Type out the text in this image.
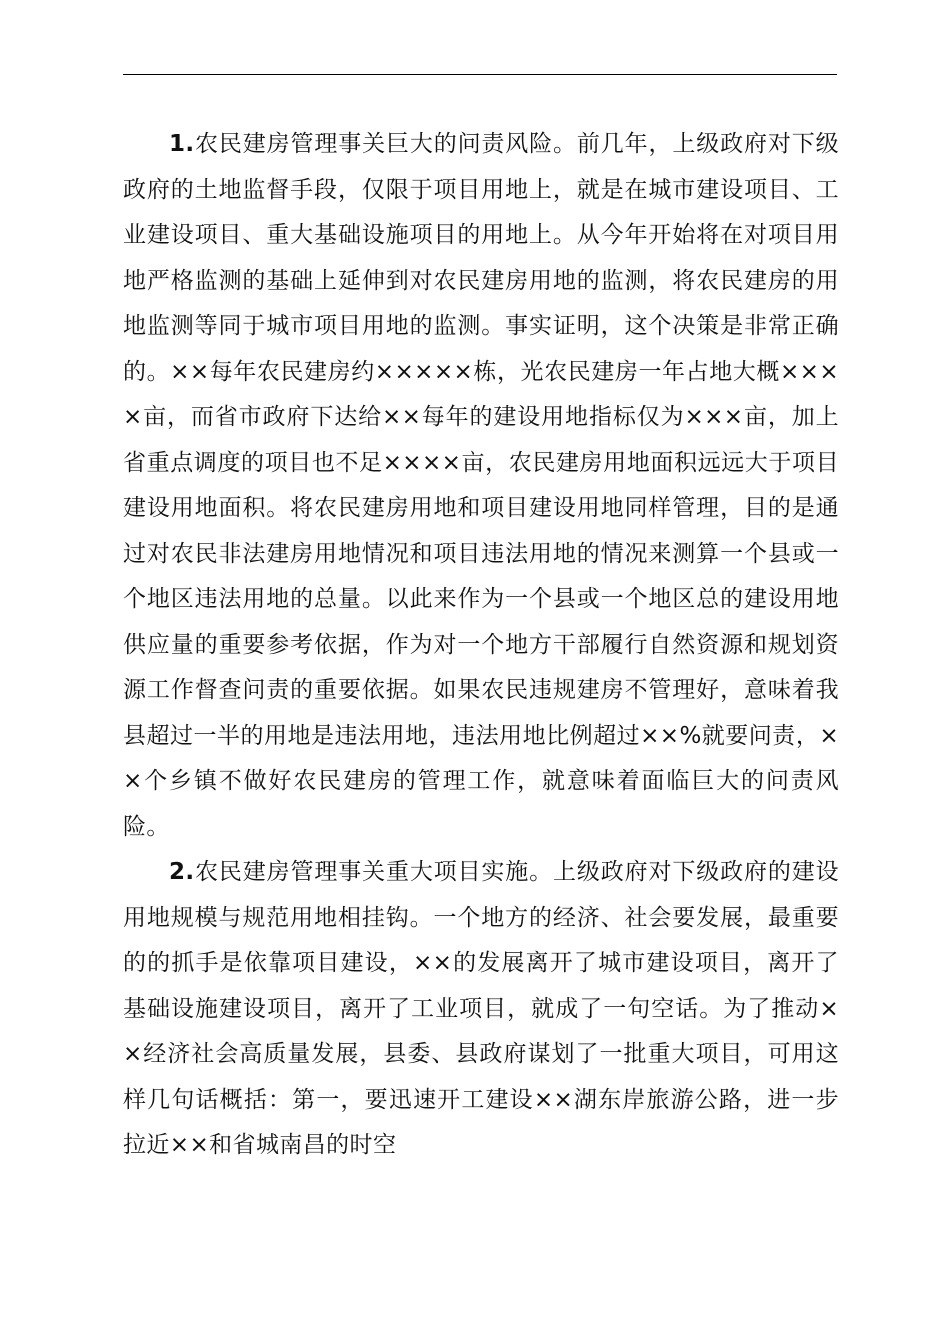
1.农民建房管理事关巨大的问责风险。前几年，上级政府对下级政府的土地监督手段，仅限于项目用地上，就是在城市建设项目、工业建设项目、重大基础设施项目的用地上。从今年开始将在对项目用地严格监测的基础上延伸到对农民建房用地的监测，将农民建房的用地监测等同于城市项目用地的监测。事实证明，这个决策是非常正确的。××每年农民建房约×××××栋，光农民建房一年占地大概××××亩，而省市政府下达给××每年的建设用地指标仅为×××亩，加上省重点调度的项目也不足××××亩，农民建房用地面积远远大于项目建设用地面积。将农民建房用地和项目建设用地同样管理，目的是通过对农民非法建房用地情况和项目违法用地的情况来测算一个县或一个地区违法用地的总量。以此来作为一个县或一个地区总的建设用地供应量的重要参考依据，作为对一个地方干部履行自然资源和规划资源工作督查问责的重要依据。如果农民违规建房不管理好，意味着我县超过一半的用地是违法用地，违法用地比例超过××%就要问责，××个乡镇不做好农民建房的管理工作，就意味着面临巨大的问责风险。

2.农民建房管理事关重大项目实施。上级政府对下级政府的建设用地规模与规范用地相挂钩。一个地方的经济、社会要发展，最重要的的抓手是依靠项目建设，××的发展离开了城市建设项目，离开了基础设施建设项目，离开了工业项目，就成了一句空话。为了推动××经济社会高质量发展，县委、县政府谋划了一批重大项目，可用这样几句话概括：第一，要迅速开工建设××湖东岸旅游公路，进一步拉近××和省城南昌的时空
